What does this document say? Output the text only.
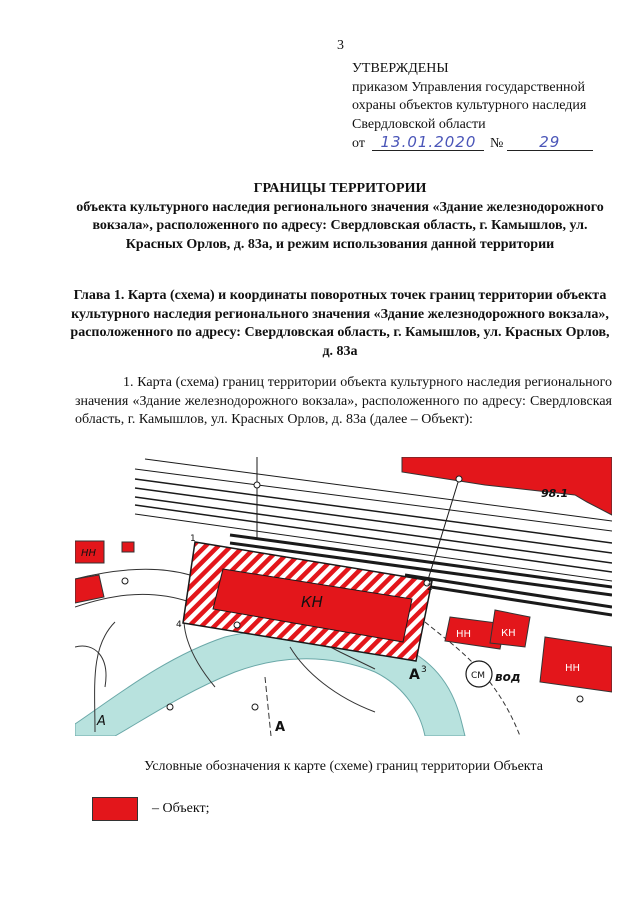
3
УТВЕРЖДЕНЫ
приказом Управления государственной
охраны объектов культурного наследия
Свердловской области
от 13.01.2020 № 29
ГРАНИЦЫ ТЕРРИТОРИИ
объекта культурного наследия регионального значения «Здание железнодорожного вокзала», расположенного по адресу: Свердловская область, г. Камышлов, ул. Красных Орлов, д. 83а, и режим использования данной территории
Глава 1. Карта (схема) и координаты поворотных точек границ территории объекта культурного наследия регионального значения «Здание железнодорожного вокзала», расположенного по адресу: Свердловская область, г. Камышлов, ул. Красных Орлов, д. 83а
1. Карта (схема) границ территории объекта культурного наследия регионального значения «Здание железнодорожного вокзала», расположенного по адресу: Свердловская область, г. Камышлов, ул. Красных Орлов, д. 83а (далее – Объект):
98.1
КН
НН
НН	КН
НН
СМ вод
1
2
3
4
А
А	А
Условные обозначения к карте (схеме) границ территории Объекта
– Объект;
